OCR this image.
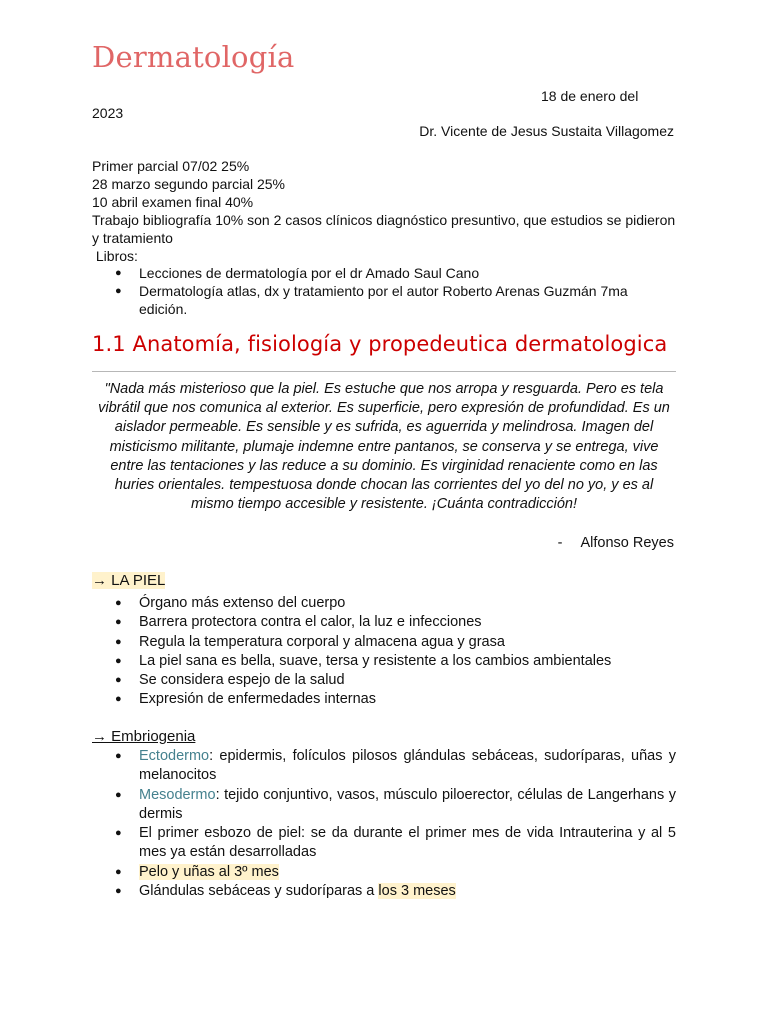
Dermatología
18 de enero del
2023
Dr. Vicente de Jesus Sustaita Villagomez

Primer parcial 07/02 25%

28 marzo segundo parcial 25%

10 abril examen final 40%

Trabajo bibliografía 10% son 2 casos clínicos diagnóstico presuntivo, que estudios se pidieron y tratamiento

Libros:

● Lecciones de dermatología por el dr Amado Saul Cano
● Dermatología atlas, dx y tratamiento por el autor Roberto Arenas Guzmán 7ma edición.
1.1 Anatomía, fisiología y propedeutica dermatologica
"Nada más misterioso que la piel. Es estuche que nos arropa y resguarda. Pero es tela vibrátil que nos comunica al exterior. Es superficie, pero expresión de profundidad. Es un aislador permeable. Es sensible y es sufrida, es aguerrida y melindrosa. Imagen del misticismo militante, plumaje indemne entre pantanos, se conserva y se entrega, vive entre las tentaciones y las reduce a su dominio. Es virginidad renaciente como en las huries orientales. tempestuosa donde chocan las corrientes del yo del no yo, y es al mismo tiempo accesible y resistente. ¡Cuánta contradicción!
- Alfonso Reyes
→ LA PIEL
● Órgano más extenso del cuerpo
● Barrera protectora contra el calor, la luz e infecciones
● Regula la temperatura corporal y almacena agua y grasa
● La piel sana es bella, suave, tersa y resistente a los cambios ambientales
● Se considera espejo de la salud
● Expresión de enfermedades internas
→ Embriogenia
● Ectodermo: epidermis, folículos pilosos glándulas sebáceas, sudoríparas, uñas y melanocitos
● Mesodermo: tejido conjuntivo, vasos, músculo piloerector, células de Langerhans y dermis
● El primer esbozo de piel: se da durante el primer mes de vida Intrauterina y al 5 mes ya están desarrolladas
● Pelo y uñas al 3º mes
● Glándulas sebáceas y sudoríparas a los 3 meses
